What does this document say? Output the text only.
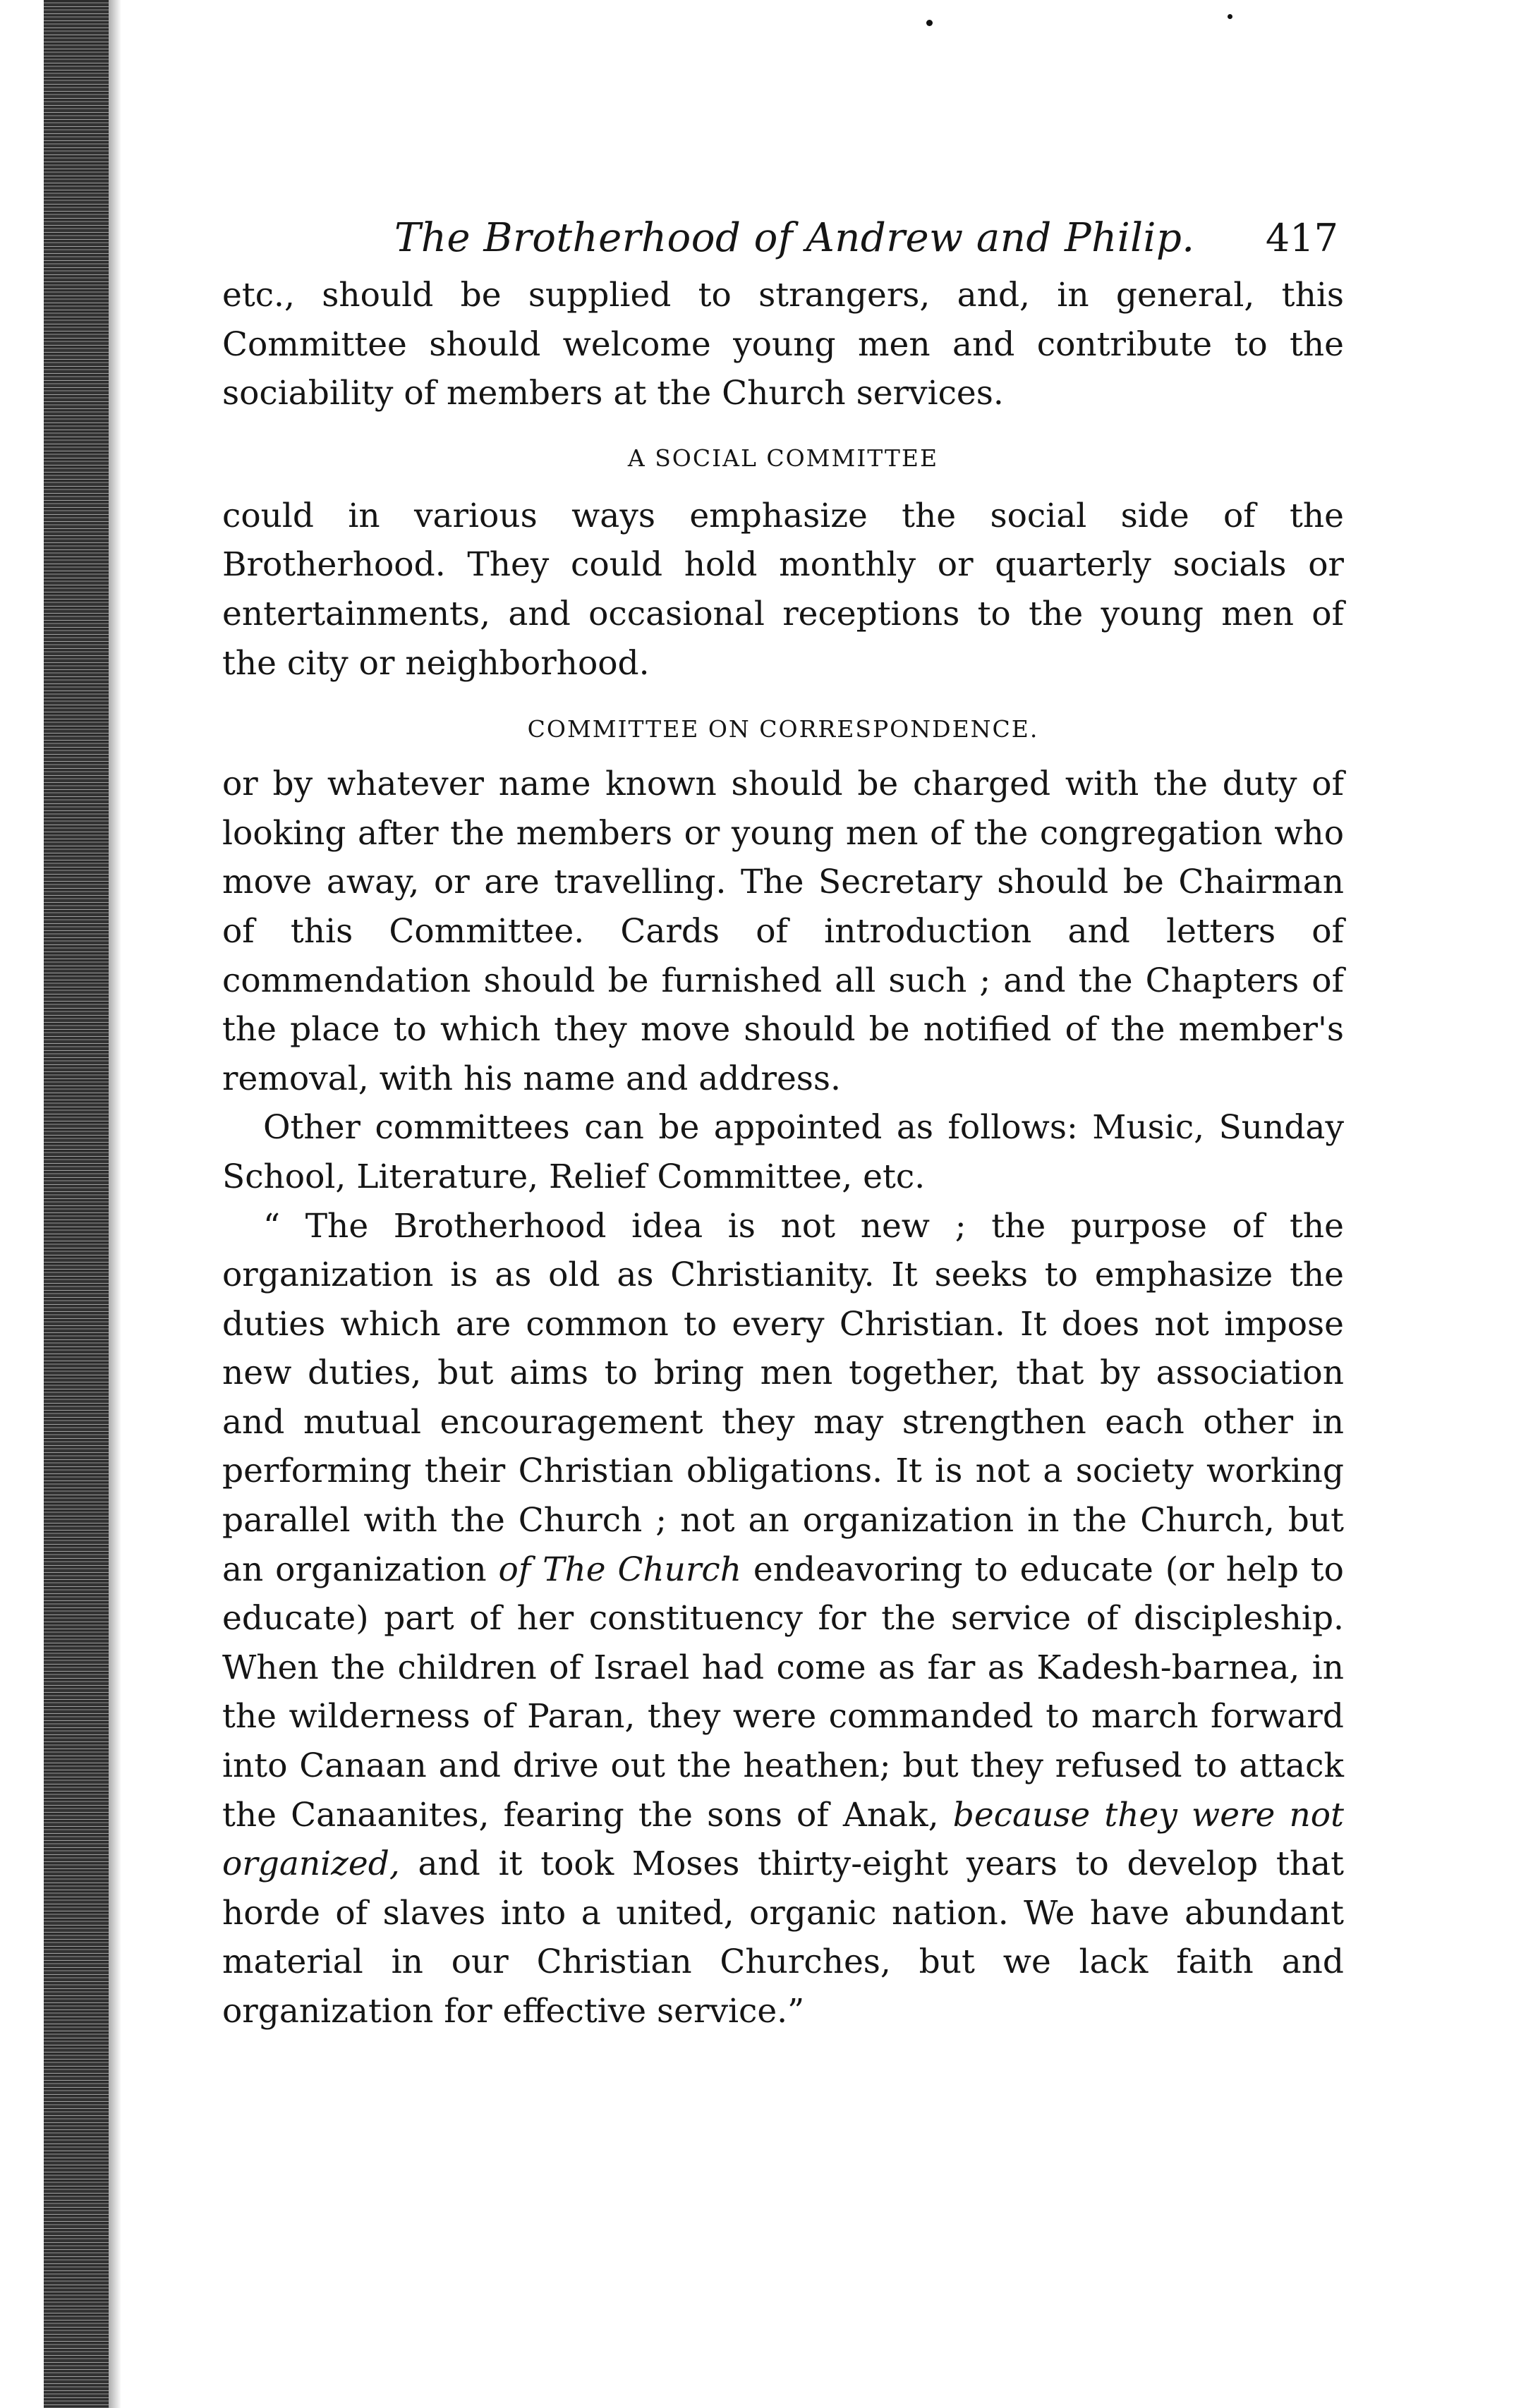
The Brotherhood of Andrew and Philip. 417

etc., should be supplied to strangers, and, in general, this Committee should welcome young men and contribute to the sociability of members at the Church services.

A SOCIAL COMMITTEE

could in various ways emphasize the social side of the Brotherhood. They could hold monthly or quarterly socials or entertainments, and occasional receptions to the young men of the city or neighborhood.

COMMITTEE ON CORRESPONDENCE.

or by whatever name known should be charged with the duty of looking after the members or young men of the congregation who move away, or are travelling. The Secretary should be Chairman of this Committee. Cards of introduction and letters of commendation should be furnished all such ; and the Chapters of the place to which they move should be notified of the member's removal, with his name and address.

Other committees can be appointed as follows: Music, Sunday School, Literature, Relief Committee, etc.

“ The Brotherhood idea is not new ; the purpose of the organization is as old as Christianity. It seeks to emphasize the duties which are common to every Christian. It does not impose new duties, but aims to bring men together, that by association and mutual encouragement they may strengthen each other in performing their Christian obligations. It is not a society working parallel with the Church ; not an organization in the Church, but an organization of The Church endeavoring to educate (or help to educate) part of her constituency for the service of discipleship. When the children of Israel had come as far as Kadesh-barnea, in the wilderness of Paran, they were commanded to march forward into Canaan and drive out the heathen; but they refused to attack the Canaanites, fearing the sons of Anak, because they were not organized, and it took Moses thirty-eight years to develop that horde of slaves into a united, organic nation. We have abundant material in our Christian Churches, but we lack faith and organization for effective service.”
